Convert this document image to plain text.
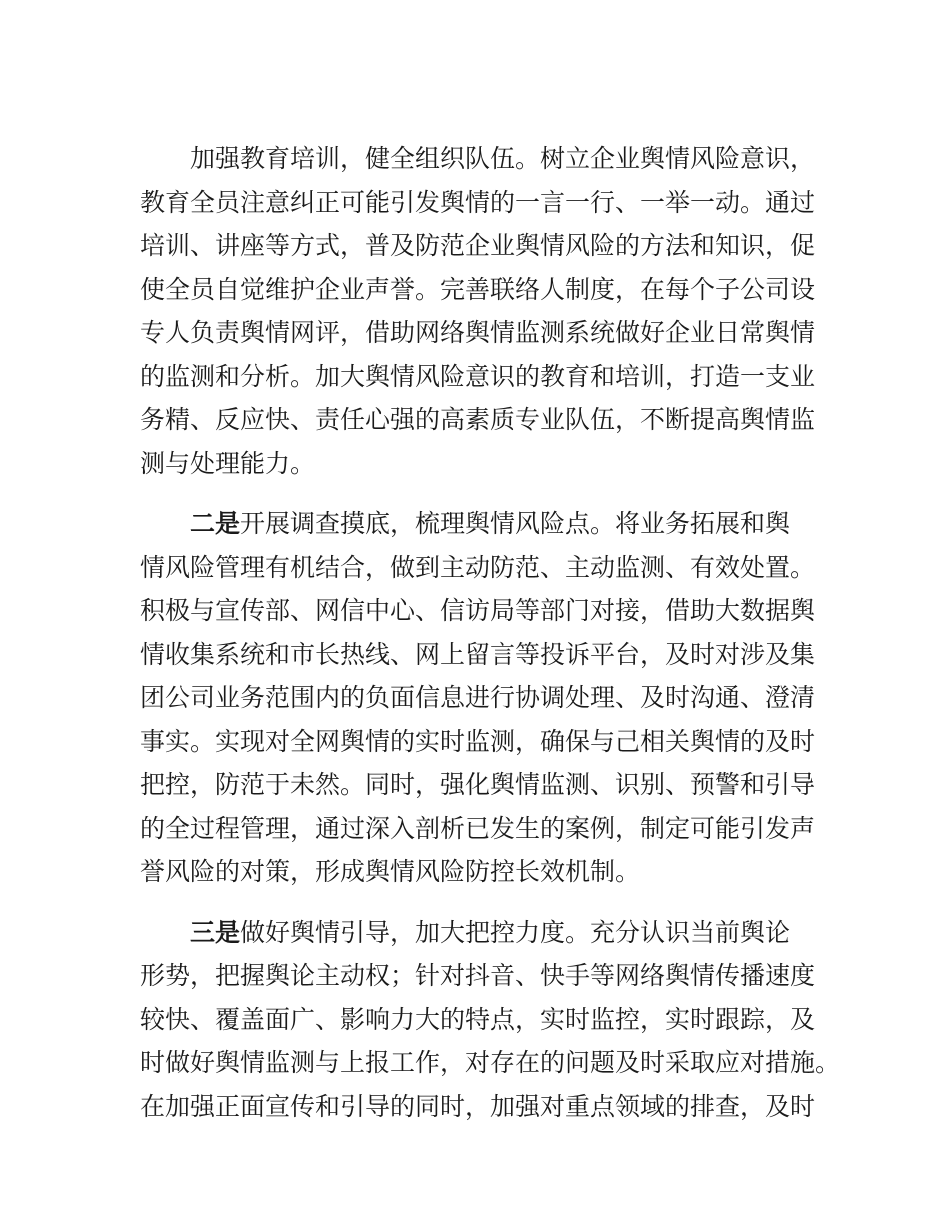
加强教育培训，健全组织队伍。树立企业舆情风险意识，
教育全员注意纠正可能引发舆情的一言一行、一举一动。通过
培训、讲座等方式，普及防范企业舆情风险的方法和知识，促
使全员自觉维护企业声誉。完善联络人制度，在每个子公司设
专人负责舆情网评，借助网络舆情监测系统做好企业日常舆情
的监测和分析。加大舆情风险意识的教育和培训，打造一支业
务精、反应快、责任心强的高素质专业队伍，不断提高舆情监
测与处理能力。

二是开展调查摸底，梳理舆情风险点。将业务拓展和舆
情风险管理有机结合，做到主动防范、主动监测、有效处置。
积极与宣传部、网信中心、信访局等部门对接，借助大数据舆
情收集系统和市长热线、网上留言等投诉平台，及时对涉及集
团公司业务范围内的负面信息进行协调处理、及时沟通、澄清
事实。实现对全网舆情的实时监测，确保与己相关舆情的及时
把控，防范于未然。同时，强化舆情监测、识别、预警和引导
的全过程管理，通过深入剖析已发生的案例，制定可能引发声
誉风险的对策，形成舆情风险防控长效机制。

三是做好舆情引导，加大把控力度。充分认识当前舆论
形势，把握舆论主动权；针对抖音、快手等网络舆情传播速度
较快、覆盖面广、影响力大的特点，实时监控，实时跟踪，及
时做好舆情监测与上报工作，对存在的问题及时采取应对措施。
在加强正面宣传和引导的同时，加强对重点领域的排查，及时
